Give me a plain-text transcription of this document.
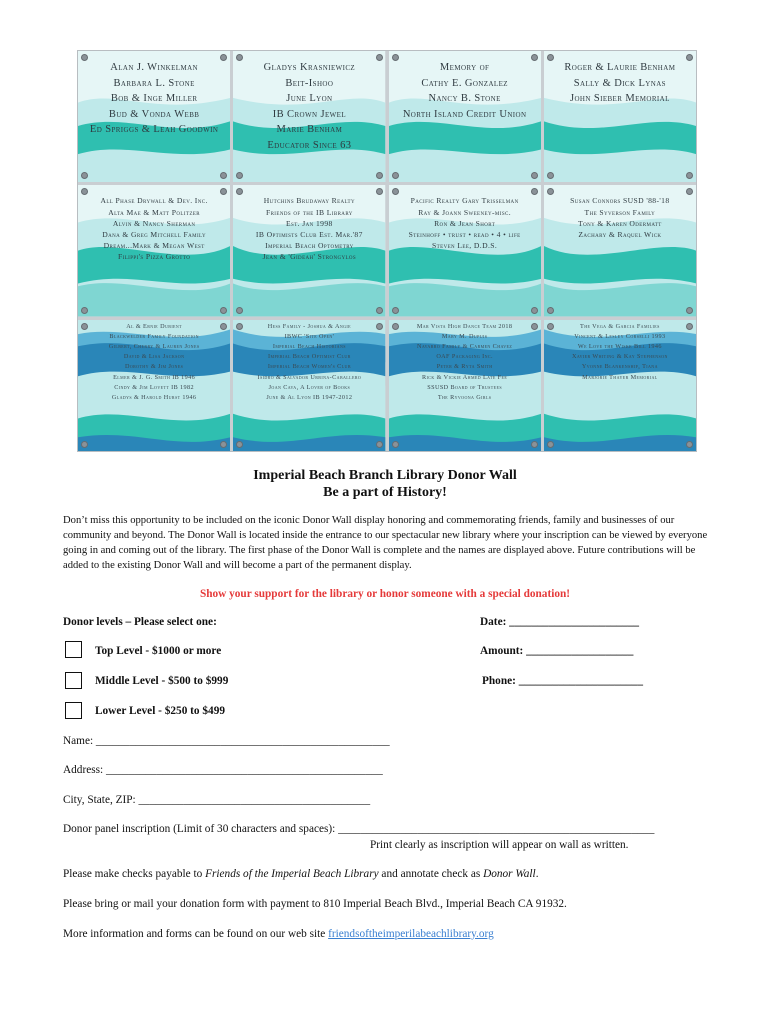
Alan J. Winkelman
Barbara L. Stone
Bob & Inge Miller
Bud & Vonda Webb
Ed Spriggs & Leah Goodwin
Gladys Krasniewicz
Beit-Ishoo
June Lyon
IB Crown Jewel
Marie Benham
Educator Since 63
Memory of
Cathy E. Gonzalez
Nancy B. Stone
North Island Credit Union
Roger & Laurie Benham
Sally & Dick Lynas
John Sieber Memorial
All Phase Drywall & Dev. Inc.
Alta Mae & Matt Politzer
Alvin & Nancy Sherman
Dana & Greg Mitchell Family
Dream...Mark & Megan West
Filippi's Pizza Grotto
Hutchins Brudaway Realty
Friends of the IB Library
Est. Jan 1998
IB Optimists Club Est. Mar.'87
Imperial Beach Optometry
Jean & 'Gideah' Strongylos
Pacific Realty Gary Trisselman
Ray & Joann Sweeney-misc.
Ron & Jean Short
Steinhoff • trust • read • 4 • life
Steven Lee, D.D.S.
Susan Connors SUSD '88-'18
The Syverson Family
Tony & Karen Odermatt
Zachary & Raquel Wick
Al & Ernie Dubient
Blackwelder Family Foundation
Gilbert, Cherry & Lauren Jones
David & Lisa Jackson
Dorothy & Jim Jones
Elmer & J. G. Smith IB 1946
Cindy & Jim Lovett IB 1982
Gladys & Harold Hurst 1946
Hess Family - Joshua & Angie
IBWC 'Site Open'
Imperial Beach Historians
Imperial Beach Optimist Club
Imperial Beach Women's Club
Isidro & Salvador Urbina-Caballero
Joan Cava, A Lover of Books
June & Al Lyon IB 1947-2012
Mar Vista High Dance Team 2018
Mary M. Dupuis
Navarro Family & Carmen Chavez
OAF Packaging Inc.
Peter & Ryta Smith
Rick & Vickie Ahmed Late Fee
SSUSD Board of Trustees
The Ryvoona Girls
The Vega & Garcia Families
Vincent & Lesley Corselli 1993
We Love the Wiske Bill 1946
Xavier Whiting & Kay Stephenson
Yvonne Blankenship, Tiana
Marjorie Thayer Memorial
Imperial Beach Branch Library Donor Wall
Be a part of History!
Don’t miss this opportunity to be included on the iconic Donor Wall display honoring and commemorating friends, family and businesses of our community and beyond. The Donor Wall is located inside the entrance to our spectacular new library where your inscription can be viewed by everyone going in and coming out of the library. The first phase of the Donor Wall is complete and the names are displayed above. Future contributions will be added to the existing Donor Wall and will become a part of the permanent display.
Show your support for the library or honor someone with a special donation!
Donor levels – Please select one:	Date: _______________________
Top Level - $1000 or more	Amount: ___________________
Middle Level - $500 to $999	Phone: ______________________
Lower Level - $250 to $499
Name: ____________________________________________________
Address: _________________________________________________
City, State, ZIP: _________________________________________
Donor panel inscription (Limit of 30 characters and spaces): ________________________________________________________
Print clearly as inscription will appear on wall as written.
Please make checks payable to Friends of the Imperial Beach Library and annotate check as Donor Wall.
Please bring or mail your donation form with payment to 810 Imperial Beach Blvd., Imperial Beach CA 91932.
More information and forms can be found on our web site friendsoftheimperilabeachlibrary.org
